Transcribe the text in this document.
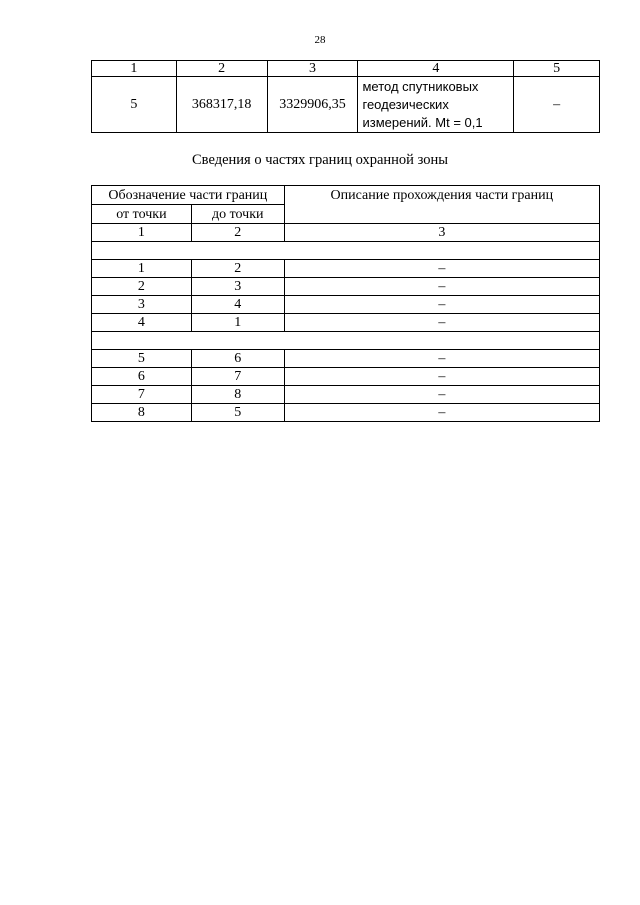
28
1	2	3	4	5
5	368317,18	3329906,35	метод спутниковых
геодезических
измерений. Mt = 0,1	–
Сведения о частях границ охранной зоны
Обозначение части границ		Описание прохождения части границ
от точки	до точки	
1	2	3

1	2	–
2	3	–
3	4	–
4	1	–

5	6	–
6	7	–
7	8	–
8	5	–
